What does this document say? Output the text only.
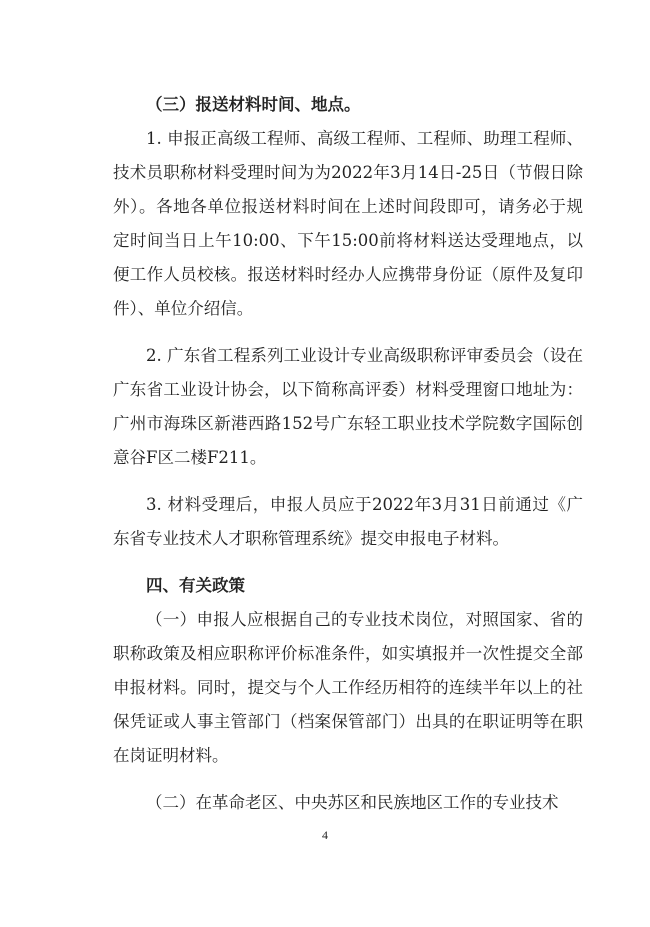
（三）报送材料时间、地点。

1. 申报正高级工程师、高级工程师、工程师、助理工程师、技术员职称材料受理时间为为2022年3月14日-25日（节假日除外）。各地各单位报送材料时间在上述时间段即可，请务必于规定时间当日上午10:00、下午15:00前将材料送达受理地点，以便工作人员校核。报送材料时经办人应携带身份证（原件及复印件）、单位介绍信。

2. 广东省工程系列工业设计专业高级职称评审委员会（设在广东省工业设计协会，以下简称高评委）材料受理窗口地址为：广州市海珠区新港西路152号广东轻工职业技术学院数字国际创意谷F区二楼F211。

3. 材料受理后，申报人员应于2022年3月31日前通过《广东省专业技术人才职称管理系统》提交申报电子材料。

四、有关政策

（一）申报人应根据自己的专业技术岗位，对照国家、省的职称政策及相应职称评价标准条件，如实填报并一次性提交全部申报材料。同时，提交与个人工作经历相符的连续半年以上的社保凭证或人事主管部门（档案保管部门）出具的在职证明等在职在岗证明材料。

（二）在革命老区、中央苏区和民族地区工作的专业技术

4
